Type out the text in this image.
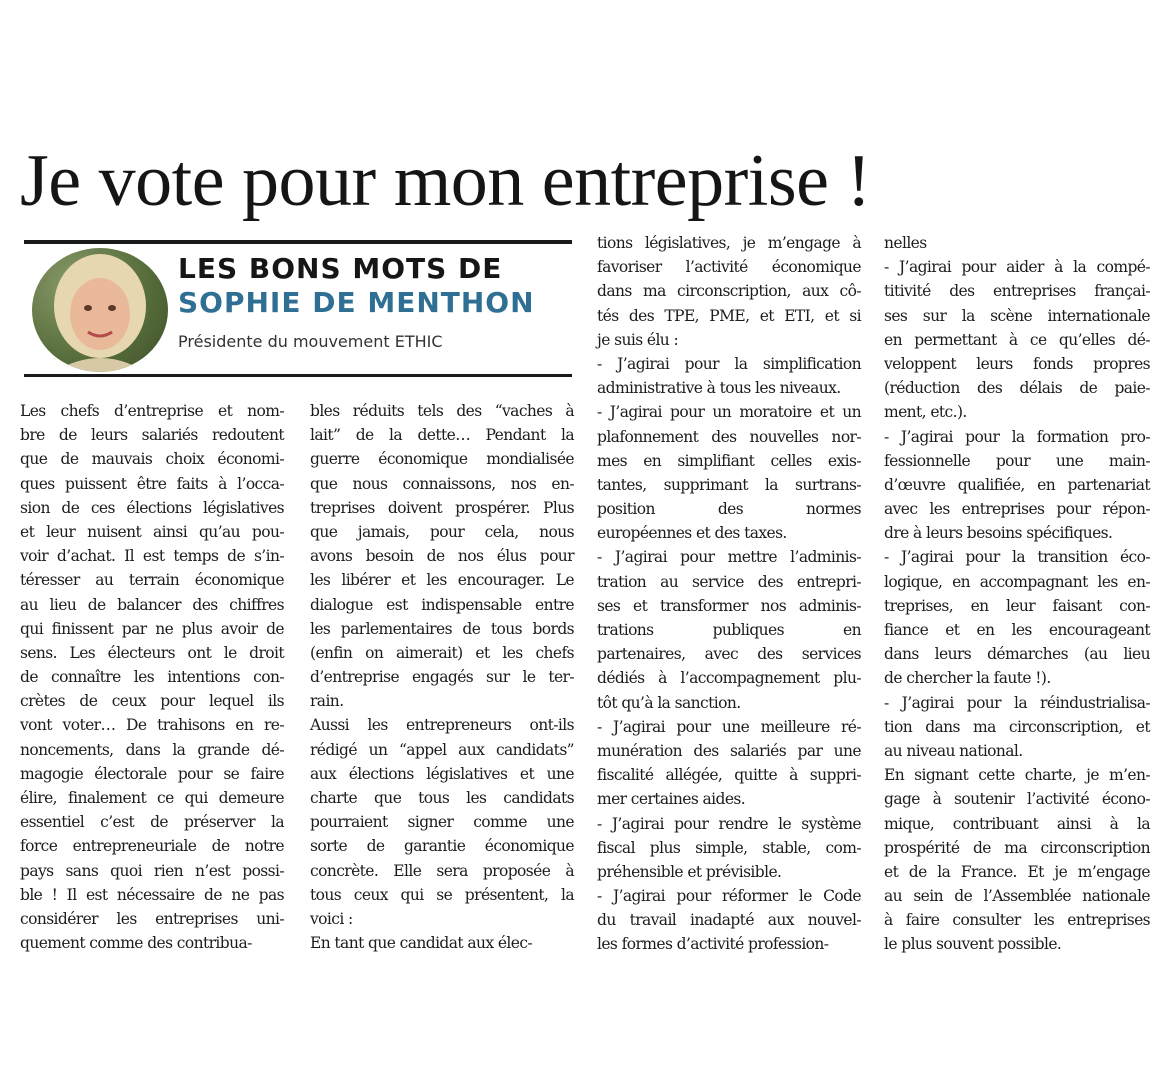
Je vote pour mon entreprise !
LES BONS MOTS DE
SOPHIE DE MENTHON
Présidente du mouvement ETHIC
Les chefs d’entreprise et nom-
bre de leurs salariés redoutent
que de mauvais choix économi-
ques puissent être faits à l’occa-
sion de ces élections législatives
et leur nuisent ainsi qu’au pou-
voir d’achat. Il est temps de s’in-
téresser au terrain économique
au lieu de balancer des chiffres
qui finissent par ne plus avoir de
sens. Les électeurs ont le droit
de connaître les intentions con-
crètes de ceux pour lequel ils
vont voter… De trahisons en re-
noncements, dans la grande dé-
magogie électorale pour se faire
élire, finalement ce qui demeure
essentiel c’est de préserver la
force entrepreneuriale de notre
pays sans quoi rien n’est possi-
ble ! Il est nécessaire de ne pas
considérer les entreprises uni-
quement comme des contribua-
bles réduits tels des “vaches à
lait” de la dette… Pendant la
guerre économique mondialisée
que nous connaissons, nos en-
treprises doivent prospérer. Plus
que jamais, pour cela, nous
avons besoin de nos élus pour
les libérer et les encourager. Le
dialogue est indispensable entre
les parlementaires de tous bords
(enfin on aimerait) et les chefs
d’entreprise engagés sur le ter-
rain.
Aussi les entrepreneurs ont-ils
rédigé un “appel aux candidats”
aux élections législatives et une
charte que tous les candidats
pourraient signer comme une
sorte de garantie économique
concrète. Elle sera proposée à
tous ceux qui se présentent, la
voici :
En tant que candidat aux élec-
tions législatives, je m’engage à
favoriser l’activité économique
dans ma circonscription, aux cô-
tés des TPE, PME, et ETI, et si
je suis élu :
- J’agirai pour la simplification
administrative à tous les niveaux.
- J’agirai pour un moratoire et un
plafonnement des nouvelles nor-
mes en simplifiant celles exis-
tantes, supprimant la surtrans-
position des normes
européennes et des taxes.
- J’agirai pour mettre l’adminis-
tration au service des entrepri-
ses et transformer nos adminis-
trations publiques en
partenaires, avec des services
dédiés à l’accompagnement plu-
tôt qu’à la sanction.
- J’agirai pour une meilleure ré-
munération des salariés par une
fiscalité allégée, quitte à suppri-
mer certaines aides.
- J’agirai pour rendre le système
fiscal plus simple, stable, com-
préhensible et prévisible.
- J’agirai pour réformer le Code
du travail inadapté aux nouvel-
les formes d’activité profession-
nelles
- J’agirai pour aider à la compé-
titivité des entreprises françai-
ses sur la scène internationale
en permettant à ce qu’elles dé-
veloppent leurs fonds propres
(réduction des délais de paie-
ment, etc.).
- J’agirai pour la formation pro-
fessionnelle pour une main-
d’œuvre qualifiée, en partenariat
avec les entreprises pour répon-
dre à leurs besoins spécifiques.
- J’agirai pour la transition éco-
logique, en accompagnant les en-
treprises, en leur faisant con-
fiance et en les encourageant
dans leurs démarches (au lieu
de chercher la faute !).
- J’agirai pour la réindustrialisa-
tion dans ma circonscription, et
au niveau national.
En signant cette charte, je m’en-
gage à soutenir l’activité écono-
mique, contribuant ainsi à la
prospérité de ma circonscription
et de la France. Et je m’engage
au sein de l’Assemblée nationale
à faire consulter les entreprises
le plus souvent possible.
